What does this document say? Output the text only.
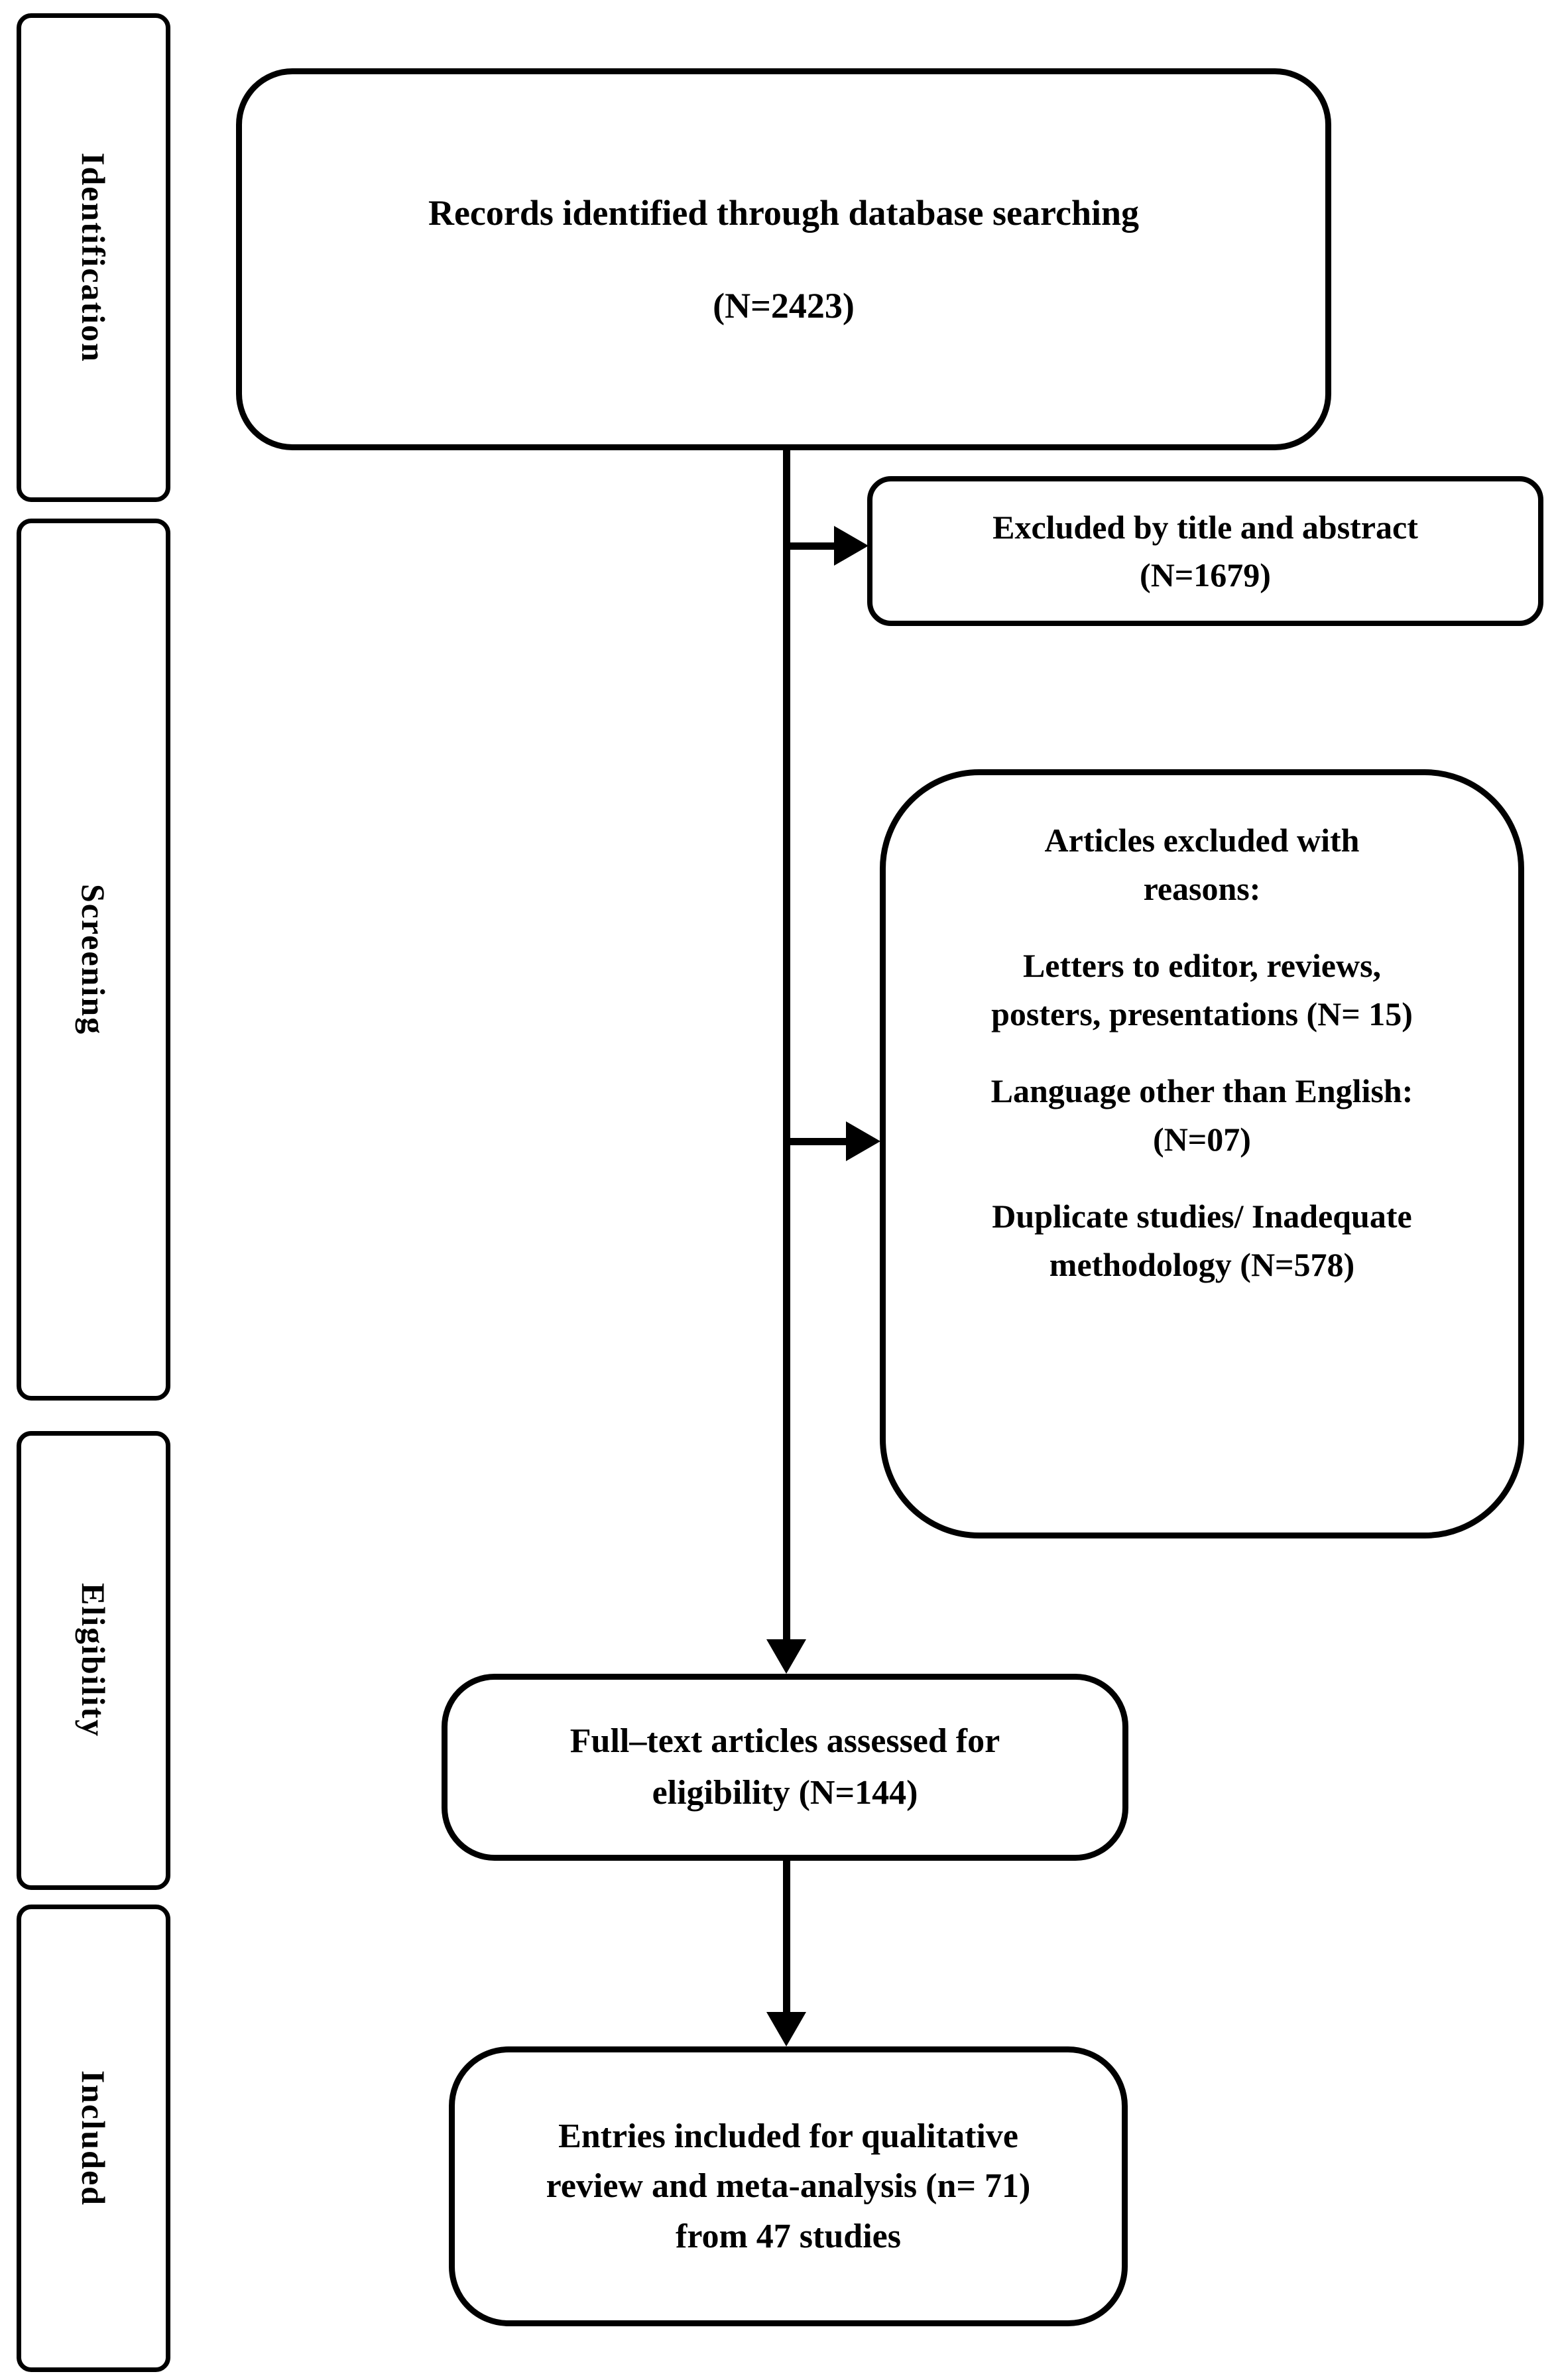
Identification
Screening
Eligibility
Included
Records identified through database searching
(N=2423)
Excluded by title and abstract
(N=1679)
Articles excluded with
reasons:
Letters to editor, reviews,
posters, presentations (N= 15)
Language other than English:
(N=07)
Duplicate studies/ Inadequate
methodology (N=578)
Full–text articles assessed for
eligibility (N=144)
Entries included for qualitative
review and meta-analysis (n= 71)
from 47 studies
